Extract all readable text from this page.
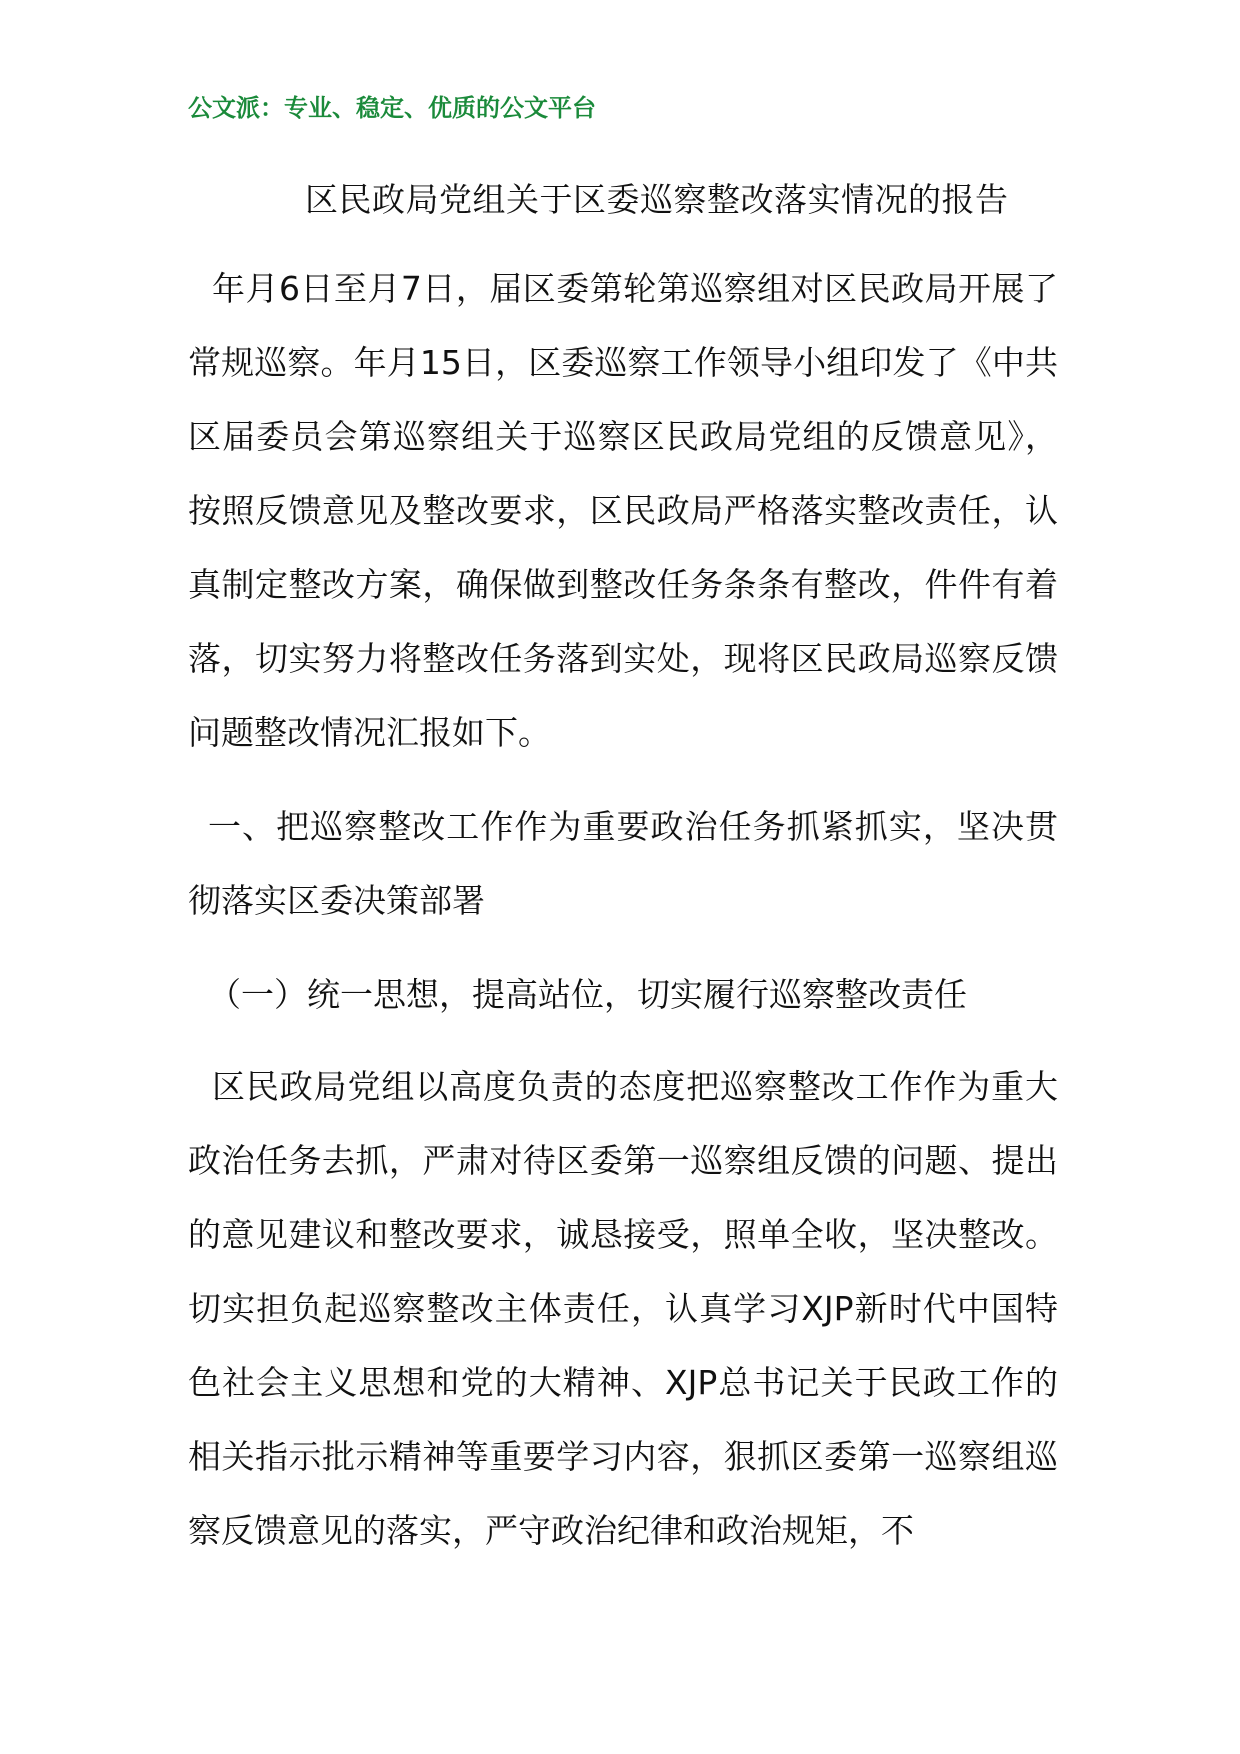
公文派：专业、稳定、优质的公文平台
区民政局党组关于区委巡察整改落实情况的报告
年月6日至月7日，届区委第轮第巡察组对区民政局开展了常规巡察。年月15日，区委巡察工作领导小组印发了《中共区届委员会第巡察组关于巡察区民政局党组的反馈意见》，按照反馈意见及整改要求，区民政局严格落实整改责任，认真制定整改方案，确保做到整改任务条条有整改，件件有着落，切实努力将整改任务落到实处，现将区民政局巡察反馈问题整改情况汇报如下。
一、把巡察整改工作作为重要政治任务抓紧抓实，坚决贯彻落实区委决策部署
（一）统一思想，提高站位，切实履行巡察整改责任
区民政局党组以高度负责的态度把巡察整改工作作为重大政治任务去抓，严肃对待区委第一巡察组反馈的问题、提出的意见建议和整改要求，诚恳接受，照单全收，坚决整改。切实担负起巡察整改主体责任，认真学习XJP新时代中国特色社会主义思想和党的大精神、XJP总书记关于民政工作的相关指示批示精神等重要学习内容，狠抓区委第一巡察组巡察反馈意见的落实，严守政治纪律和政治规矩，不
